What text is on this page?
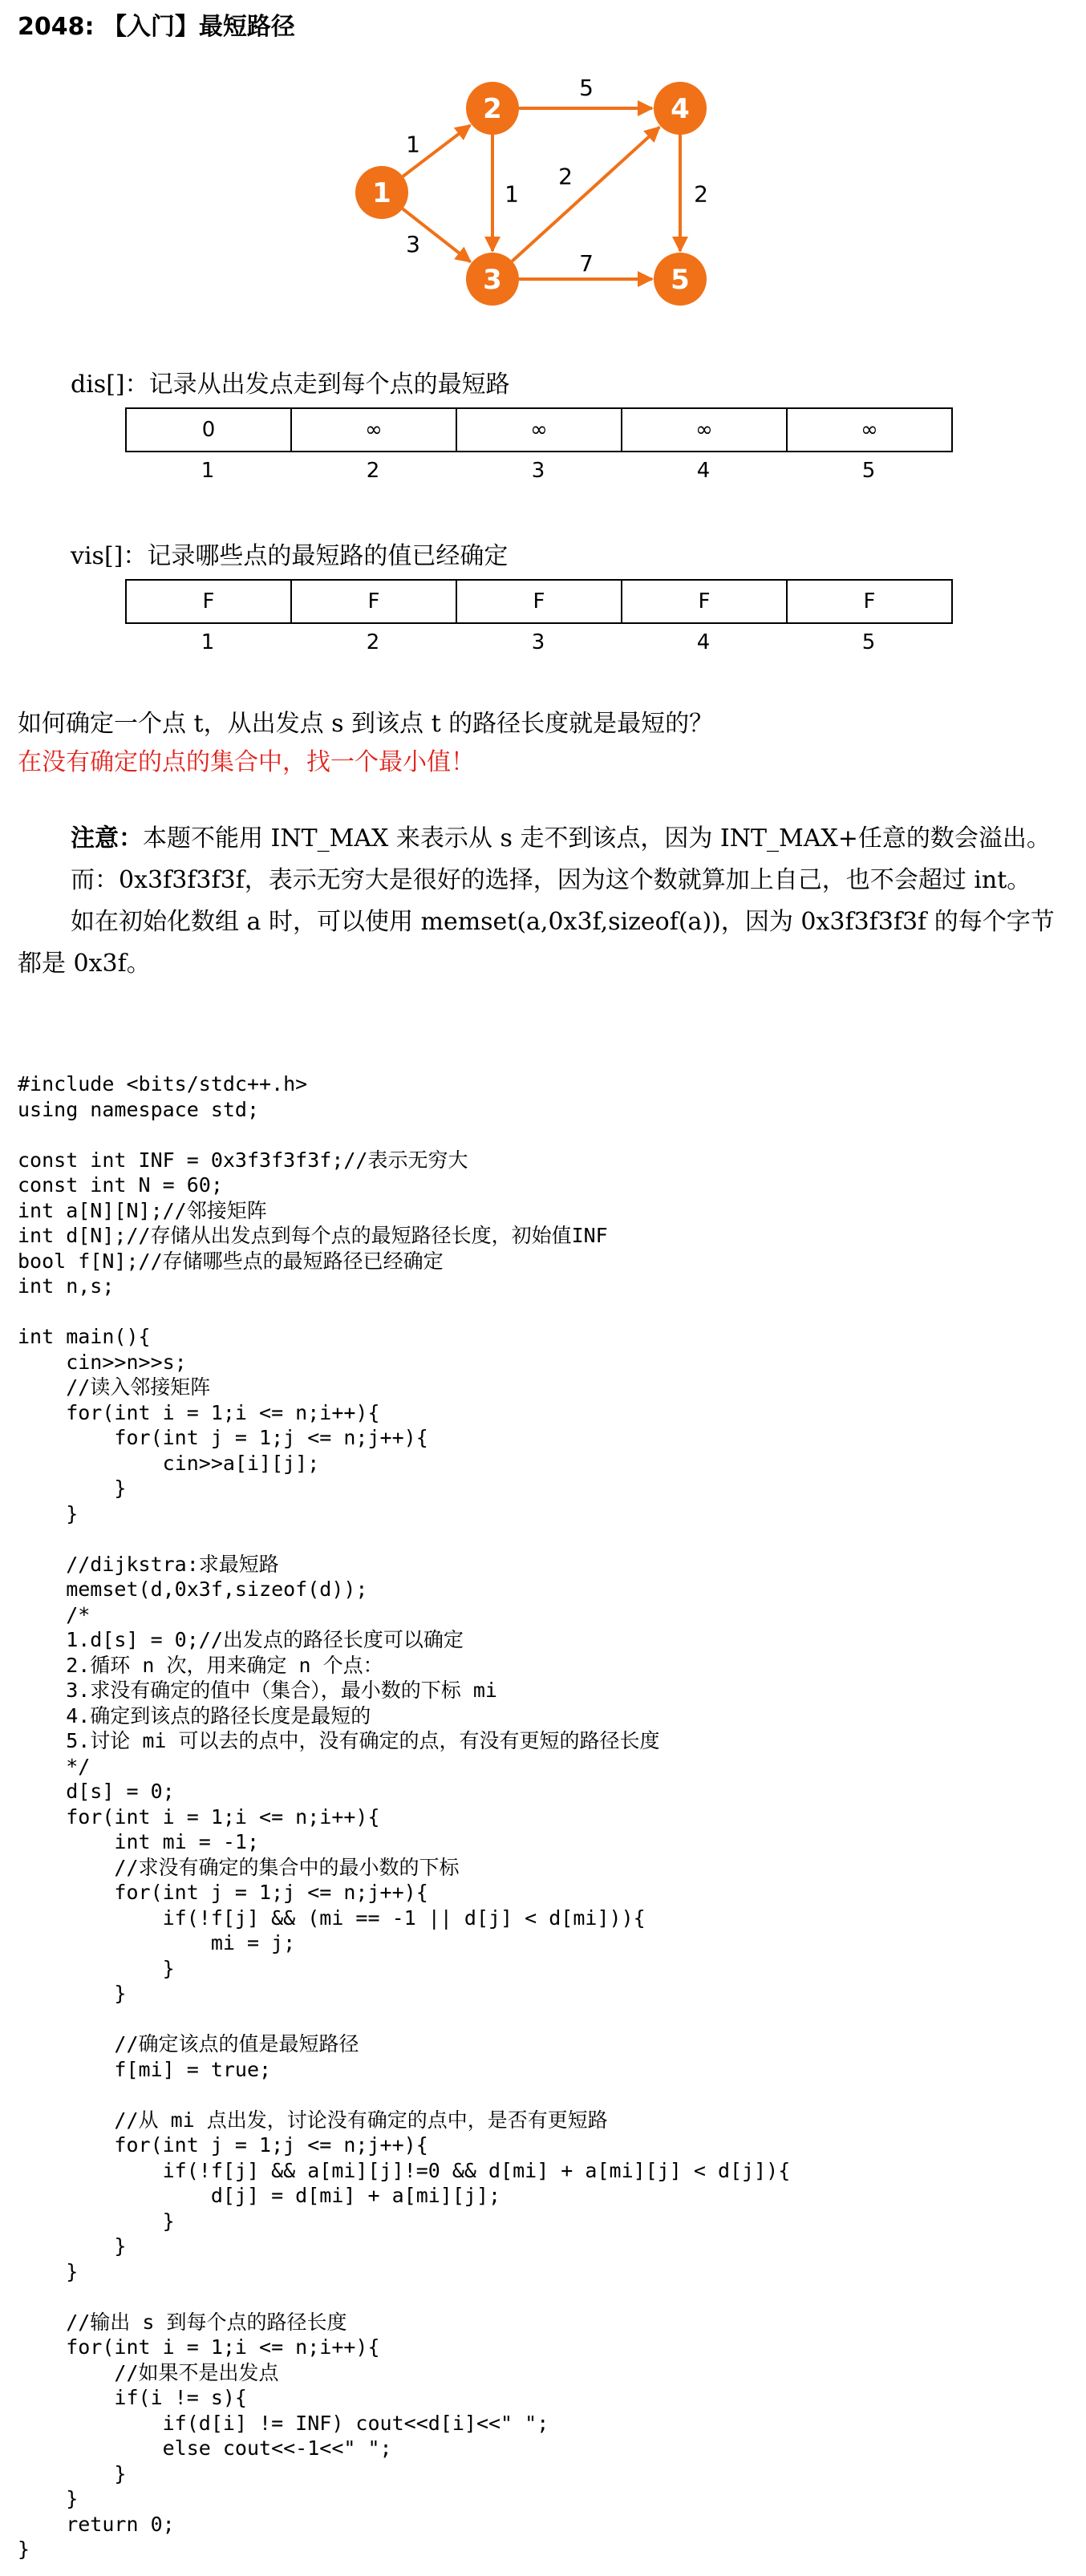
2048: 【入门】最短路径
1
3
1
5
2
7
2
1
2
3
4
5
dis[]：记录从出发点走到每个点的最短路
0	∞	∞	∞	∞
1	2	3	4	5
vis[]：记录哪些点的最短路的值已经确定
F	F	F	F	F
1	2	3	4	5
如何确定一个点 t，从出发点 s 到该点 t 的路径长度就是最短的？
在没有确定的点的集合中，找一个最小值！

注意：本题不能用 INT_MAX 来表示从 s 走不到该点，因为 INT_MAX+任意的数会溢出。

而：0x3f3f3f3f，表示无穷大是很好的选择，因为这个数就算加上自己，也不会超过 int。

如在初始化数组 a 时，可以使用 memset(a,0x3f,sizeof(a))，因为 0x3f3f3f3f 的每个字节都是 0x3f。

#include <bits/stdc++.h>
using namespace std;

const int INF = 0x3f3f3f3f;//表示无穷大
const int N = 60;
int a[N][N];//邻接矩阵
int d[N];//存储从出发点到每个点的最短路径长度，初始值INF
bool f[N];//存储哪些点的最短路径已经确定
int n,s;

int main(){
cin>>n>>s;
//读入邻接矩阵
for(int i = 1;i <= n;i++){
for(int j = 1;j <= n;j++){
cin>>a[i][j];
}
}

//dijkstra:求最短路
memset(d,0x3f,sizeof(d));
/*
1.d[s] = 0;//出发点的路径长度可以确定
2.循环 n 次，用来确定 n 个点：
3.求没有确定的值中（集合），最小数的下标 mi
4.确定到该点的路径长度是最短的
5.讨论 mi 可以去的点中，没有确定的点，有没有更短的路径长度
*/
d[s] = 0;
for(int i = 1;i <= n;i++){
int mi = -1;
//求没有确定的集合中的最小数的下标
for(int j = 1;j <= n;j++){
if(!f[j] && (mi == -1 || d[j] < d[mi])){
mi = j;
}
}

//确定该点的值是最短路径
f[mi] = true;

//从 mi 点出发，讨论没有确定的点中，是否有更短路
for(int j = 1;j <= n;j++){
if(!f[j] && a[mi][j]!=0 && d[mi] + a[mi][j] < d[j]){
d[j] = d[mi] + a[mi][j];
}
}
}

//输出 s 到每个点的路径长度
for(int i = 1;i <= n;i++){
//如果不是出发点
if(i != s){
if(d[i] != INF) cout<<d[i]<<" ";
else cout<<-1<<" ";
}
}
return 0;
}
